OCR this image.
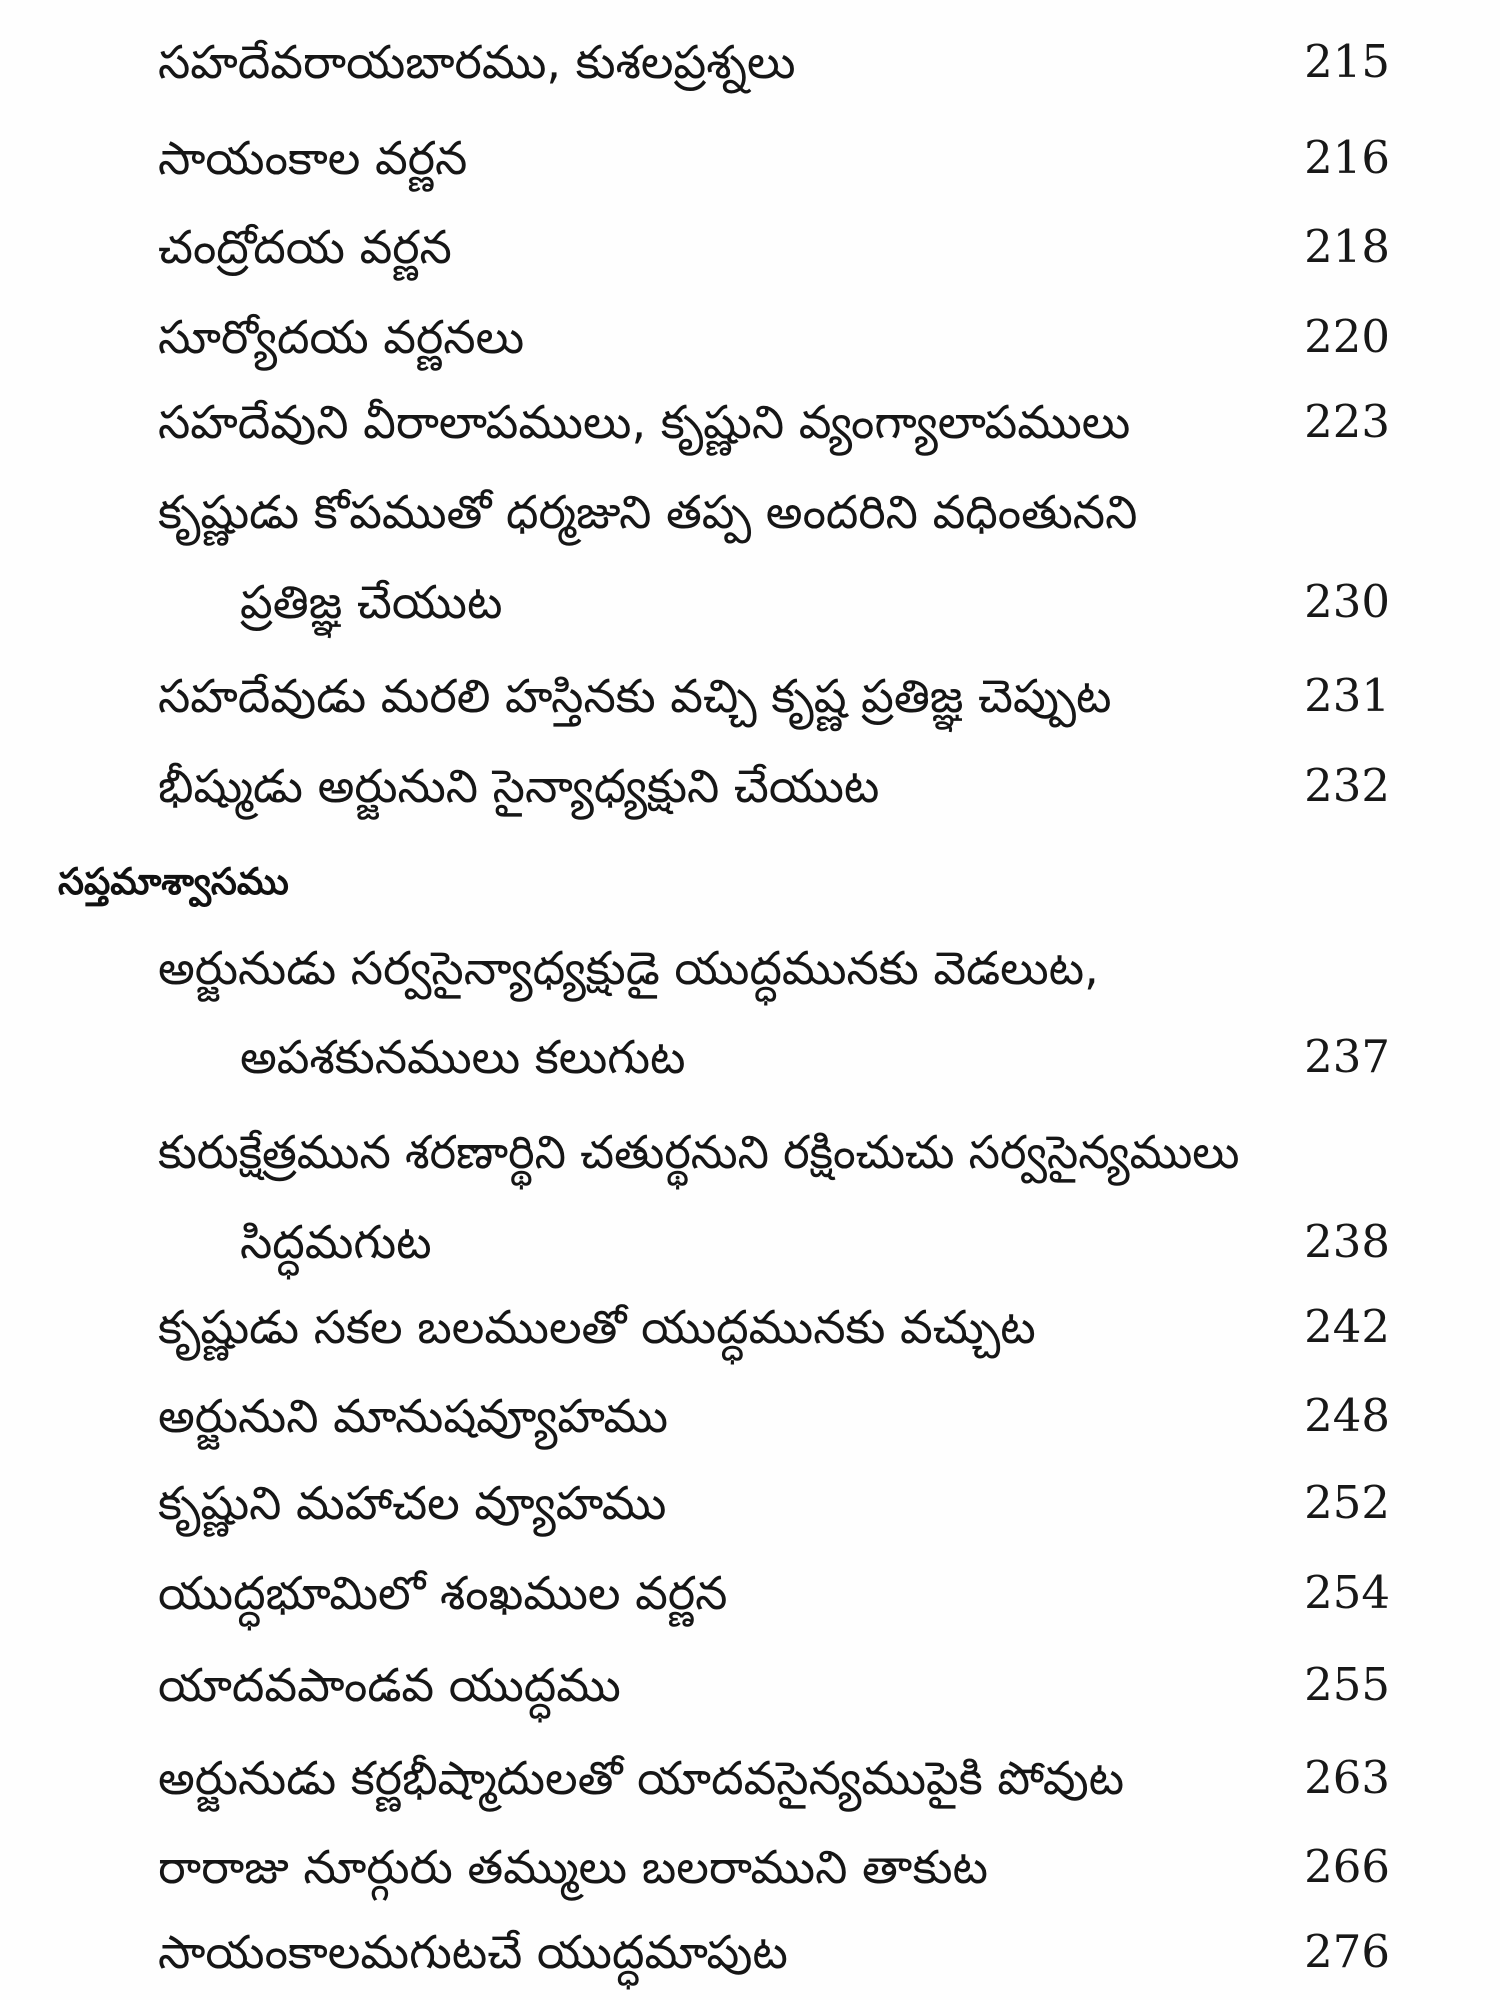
సహదేవరాయబారము, కుశలప్రశ్నలు	215
సాయంకాల వర్ణన	216
చంద్రోదయ వర్ణన	218
సూర్యోదయ వర్ణనలు	220
సహదేవుని వీరాలాపములు, కృష్ణుని వ్యంగ్యాలాపములు	223
కృష్ణుడు కోపముతో ధర్మజుని తప్ప అందరిని వధింతునని
ప్రతిజ్ఞ చేయుట	230
సహదేవుడు మరలి హస్తినకు వచ్చి కృష్ణ ప్రతిజ్ఞ చెప్పుట	231
భీష్ముడు అర్జునుని సైన్యాధ్యక్షుని చేయుట	232
సప్తమాశ్వాసము
అర్జునుడు సర్వసైన్యాధ్యక్షుడై యుద్ధమునకు వెడలుట,
అపశకునములు కలుగుట	237
కురుక్షేత్రమున శరణార్థిని చతుర్థనుని రక్షించుచు సర్వసైన్యములు
సిద్ధమగుట	238
కృష్ణుడు సకల బలములతో యుద్ధమునకు వచ్చుట	242
అర్జునుని మానుషవ్యూహము	248
కృష్ణుని మహాచల వ్యూహము	252
యుద్ధభూమిలో శంఖముల వర్ణన	254
యాదవపాండవ యుద్ధము	255
అర్జునుడు కర్ణభీష్మాదులతో యాదవసైన్యముపైకి పోవుట	263
రారాజు నూర్గురు తమ్ములు బలరాముని తాకుట	266
సాయంకాలమగుటచే యుద్ధమాపుట	276
